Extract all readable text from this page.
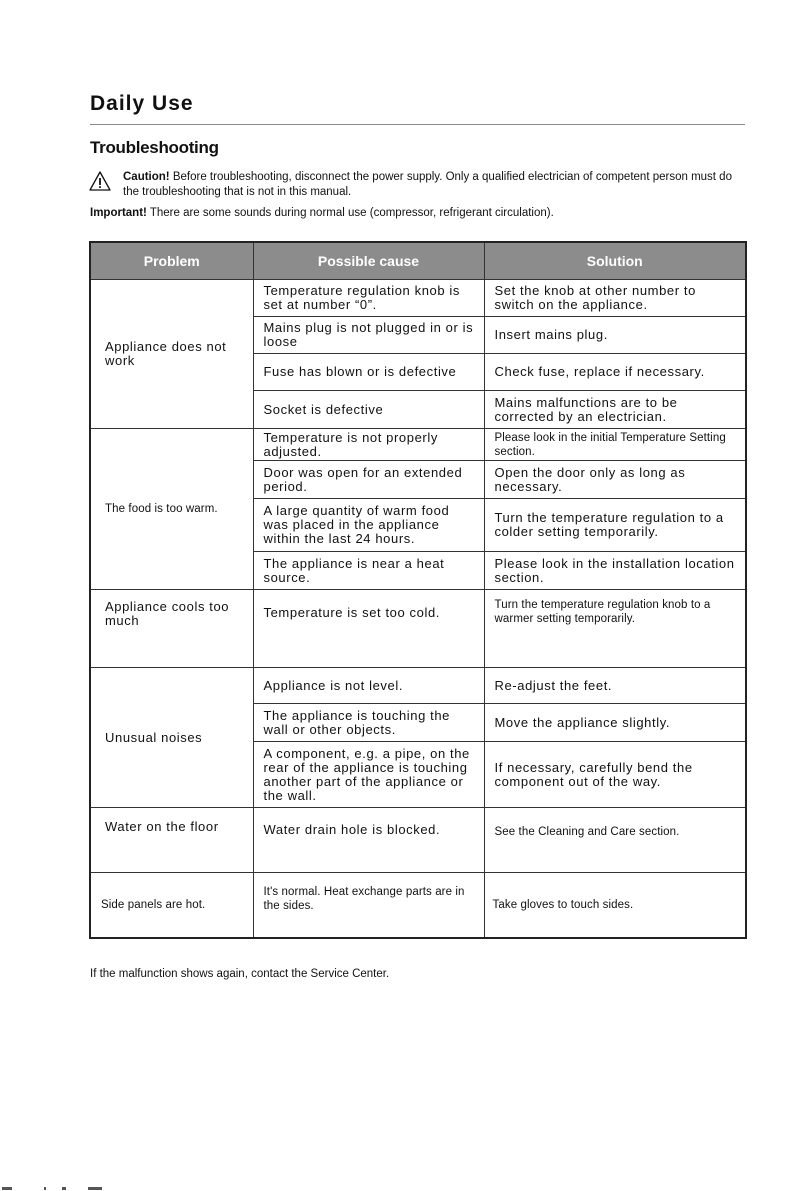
Daily Use
Troubleshooting
Caution! Before troubleshooting, disconnect the power supply. Only a qualified electrician of competent person must do the troubleshooting that is not in this manual.
Important! There are some sounds during normal use (compressor, refrigerant circulation).
Problem	Possible cause	Solution
Appliance does not work	Temperature regulation knob is set at number “0”.	Set the knob at other number to switch on the appliance.
	Mains plug is not plugged in or is loose	Insert mains plug.
	Fuse has blown or is defective	Check fuse, replace if necessary.
	Socket is defective	Mains malfunctions are to be corrected by an electrician.
The food is too warm.	Temperature is not properly adjusted.	Please look in the initial Temperature Setting section.
	Door was open for an extended period.	Open the door only as long as necessary.
	A large quantity of warm food was placed in the appliance within the last 24 hours.	Turn the temperature regulation to a colder setting temporarily.
	The appliance is near a heat source.	Please look in the installation location section.
Appliance cools too much	Temperature is set too cold.	Turn the temperature regulation knob to a warmer setting temporarily.
Unusual noises	Appliance is not level.	Re-adjust the feet.
	The appliance is touching the wall or other objects.	Move the appliance slightly.
	A component, e.g. a pipe, on the rear of the appliance is touching another part of the appliance or the wall.	If necessary, carefully bend the component out of the way.
Water on the floor	Water drain hole is blocked.	See the Cleaning and Care section.
Side panels are hot.	It's normal. Heat exchange parts are in the sides.	Take gloves to touch sides.
If the malfunction shows again, contact the Service Center.
